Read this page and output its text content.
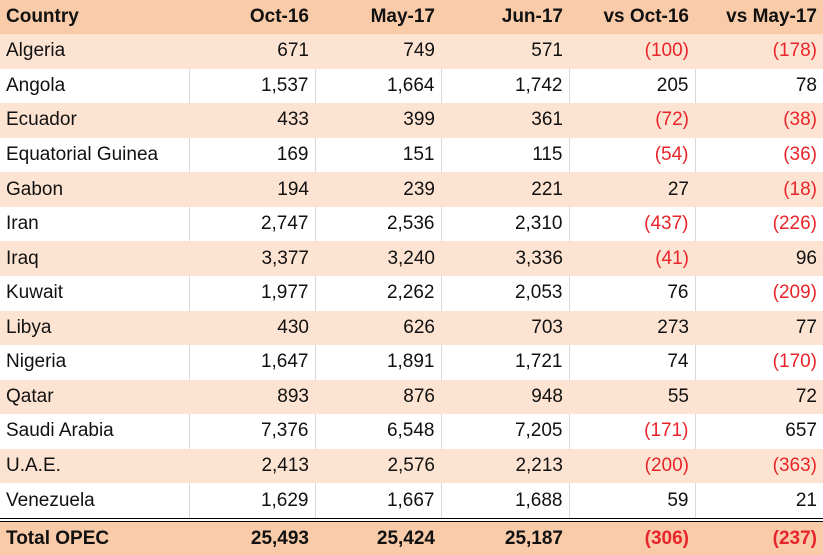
Country	Oct-16	May-17	Jun-17	vs Oct-16	vs May-17
Algeria	671	749	571	(100)	(178)
Angola	1,537	1,664	1,742	205	78
Ecuador	433	399	361	(72)	(38)
Equatorial Guinea	169	151	115	(54)	(36)
Gabon	194	239	221	27	(18)
Iran	2,747	2,536	2,310	(437)	(226)
Iraq	3,377	3,240	3,336	(41)	96
Kuwait	1,977	2,262	2,053	76	(209)
Libya	430	626	703	273	77
Nigeria	1,647	1,891	1,721	74	(170)
Qatar	893	876	948	55	72
Saudi Arabia	7,376	6,548	7,205	(171)	657
U.A.E.	2,413	2,576	2,213	(200)	(363)
Venezuela	1,629	1,667	1,688	59	21
Total OPEC	25,493	25,424	25,187	(306)	(237)
